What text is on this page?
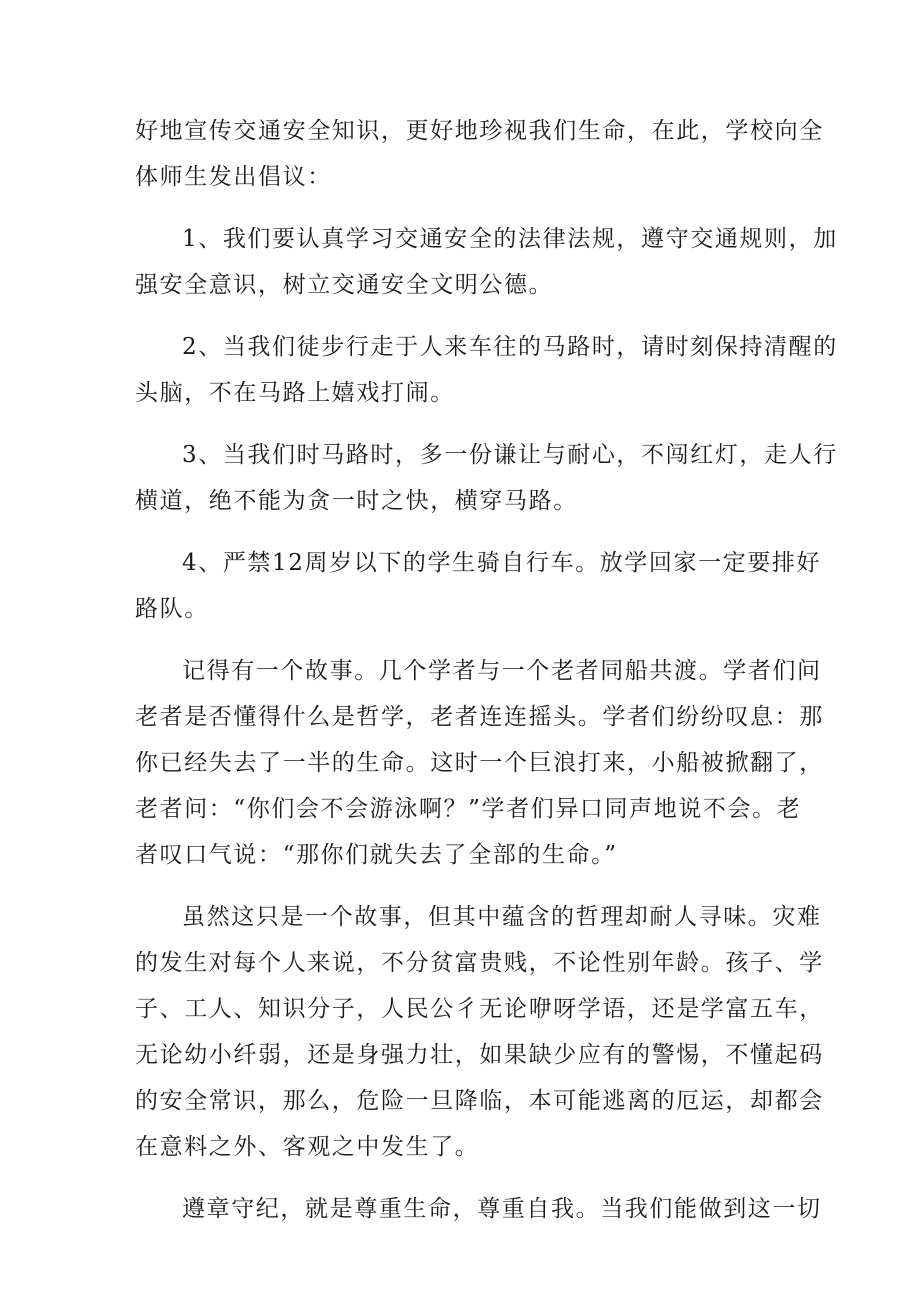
好地宣传交通安全知识，更好地珍视我们生命，在此，学校向全

体师生发出倡议：

1、我们要认真学习交通安全的法律法规，遵守交通规则，加

强安全意识，树立交通安全文明公德。

2、当我们徒步行走于人来车往的马路时，请时刻保持清醒的

头脑，不在马路上嬉戏打闹。

3、当我们时马路时，多一份谦让与耐心，不闯红灯，走人行

横道，绝不能为贪一时之快，横穿马路。

4、严禁12周岁以下的学生骑自行车。放学回家一定要排好

路队。

记得有一个故事。几个学者与一个老者同船共渡。学者们问

老者是否懂得什么是哲学，老者连连摇头。学者们纷纷叹息：那

你已经失去了一半的生命。这时一个巨浪打来，小船被掀翻了，

老者问：“你们会不会游泳啊？”学者们异口同声地说不会。老

者叹口气说：“那你们就失去了全部的生命。”

虽然这只是一个故事，但其中蕴含的哲理却耐人寻味。灾难

的发生对每个人来说，不分贫富贵贱，不论性别年龄。孩子、学

子、工人、知识分子，人民公彳无论咿呀学语，还是学富五车，

无论幼小纤弱，还是身强力壮，如果缺少应有的警惕，不懂起码

的安全常识，那么，危险一旦降临，本可能逃离的厄运，却都会

在意料之外、客观之中发生了。

遵章守纪，就是尊重生命，尊重自我。当我们能做到这一切
